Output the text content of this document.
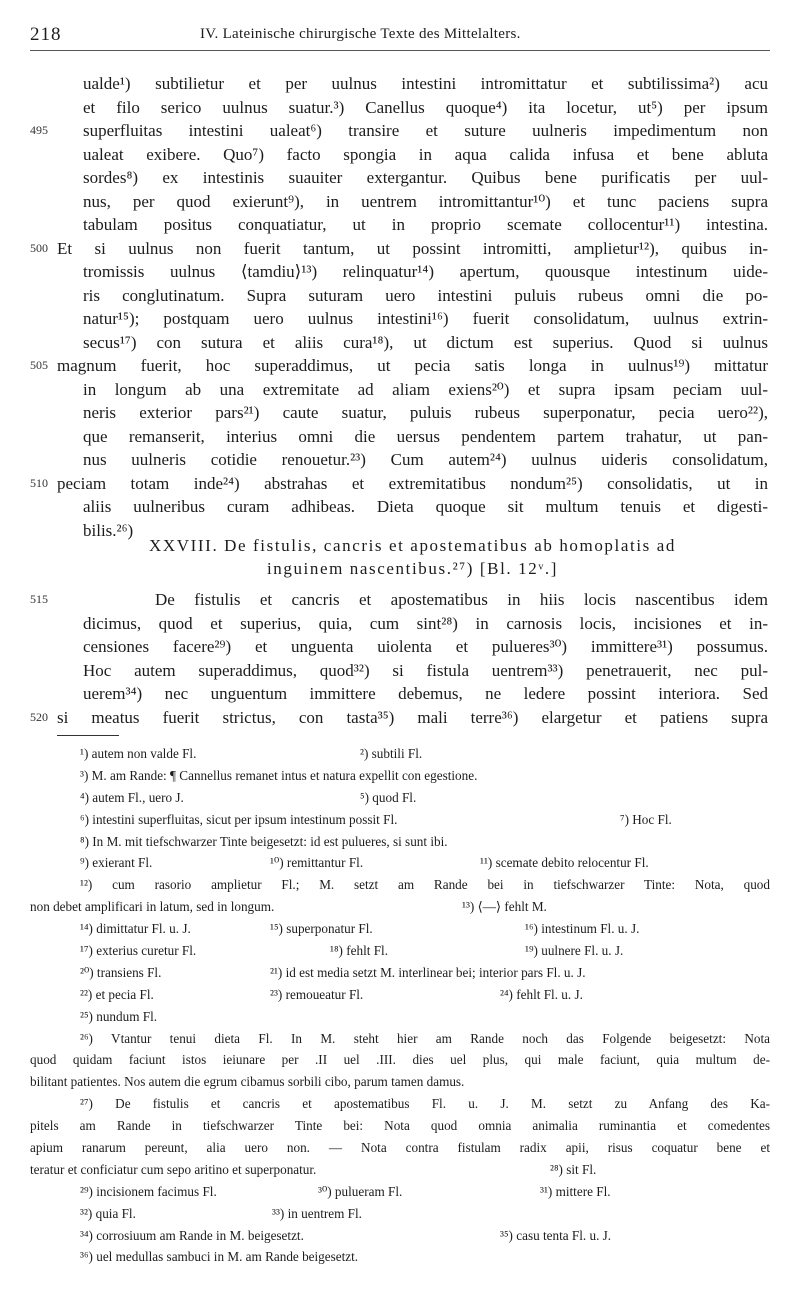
218	IV. Lateinische chirurgische Texte des Mittelalters.
ualde¹) subtilietur et per uulnus intestini intromittatur et subtilissima²) acu
et filo serico uulnus suatur.³) Canellus quoque⁴) ita locetur, ut⁵) per ipsum
495	superfluitas intestini ualeat⁶) transire et suture uulneris impedimentum non
ualeat exibere. Quo⁷) facto spongia in aqua calida infusa et bene abluta
sordes⁸) ex intestinis suauiter extergantur. Quibus bene purificatis per uul-
nus, per quod exierunt⁹), in uentrem intromittantur¹⁰) et tunc paciens supra
tabulam positus conquatiatur, ut in proprio scemate collocentur¹¹) intestina.
500 Et si uulnus non fuerit tantum, ut possint intromitti, amplietur¹²), quibus in-
tromissis uulnus ⟨tamdiu⟩¹³) relinquatur¹⁴) apertum, quousque intestinum uide-
ris conglutinatum. Supra suturam uero intestini puluis rubeus omni die po-
natur¹⁵); postquam uero uulnus intestini¹⁶) fuerit consolidatum, uulnus extrin-
secus¹⁷) con sutura et aliis cura¹⁸), ut dictum est superius. Quod si uulnus
505 magnum fuerit, hoc superaddimus, ut pecia satis longa in uulnus¹⁹) mittatur
in longum ab una extremitate ad aliam exiens²⁰) et supra ipsam peciam uul-
neris exterior pars²¹) caute suatur, puluis rubeus superponatur, pecia uero²²),
que remanserit, interius omni die uersus pendentem partem trahatur, ut pan-
nus uulneris cotidie renouetur.²³) Cum autem²⁴) uulnus uideris consolidatum,
510 peciam totam inde²⁴) abstrahas et extremitatibus nondum²⁵) consolidatis, ut in
aliis uulneribus curam adhibeas. Dieta quoque sit multum tenuis et digesti-
bilis.²⁶)
XXVIII. De fistulis, cancris et apostematibus ab homoplatis ad
inguinem nascentibus.²⁷) [Bl. 12ᵛ.]
515	De fistulis et cancris et apostematibus in hiis locis nascentibus idem
dicimus, quod et superius, quia, cum sint²⁸) in carnosis locis, incisiones et in-
censiones facere²⁹) et unguenta uiolenta et pulueres³⁰) immittere³¹) possumus.
Hoc autem superaddimus, quod³²) si fistula uentrem³³) penetrauerit, nec pul-
uerem³⁴) nec unguentum immittere debemus, ne ledere possint interiora. Sed
520 si meatus fuerit strictus, con tasta³⁵) mali terre³⁶) elargetur et patiens supra
¹) autem non valde Fl.	²) subtili Fl.
³) M. am Rande: ¶ Cannellus remanet intus et natura expellit con egestione.
⁴) autem Fl., uero J.	⁵) quod Fl.
⁶) intestini superfluitas, sicut per ipsum intestinum possit Fl.	⁷) Hoc Fl.
⁸) In M. mit tiefschwarzer Tinte beigesetzt: id est pulueres, si sunt ibi.
⁹) exierant Fl.	¹⁰) remittantur Fl.	¹¹) scemate debito relocentur Fl.
¹²) cum rasorio amplietur Fl.; M. setzt am Rande bei in tiefschwarzer Tinte: Nota, quod
non debet amplificari in latum, sed in longum.	¹³) ⟨—⟩ fehlt M.
¹⁴) dimittatur Fl. u. J.	¹⁵) superponatur Fl.	¹⁶) intestinum Fl. u. J.
¹⁷) exterius curetur Fl.	¹⁸) fehlt Fl.	¹⁹) uulnere Fl. u. J.
²⁰) transiens Fl.	²¹) id est media setzt M. interlinear bei; interior pars Fl. u. J.
²²) et pecia Fl.	²³) remoueatur Fl.	²⁴) fehlt Fl. u. J.
²⁵) nundum Fl.
²⁶) Vtantur tenui dieta Fl. In M. steht hier am Rande noch das Folgende beigesetzt: Nota
quod quidam faciunt istos ieiunare per .II uel .III. dies uel plus, qui male faciunt, quia multum de-
bilitant patientes. Nos autem die egrum cibamus sorbili cibo, parum tamen damus.
²⁷) De fistulis et cancris et apostematibus Fl. u. J. M. setzt zu Anfang des Ka-
pitels am Rande in tiefschwarzer Tinte bei: Nota quod omnia animalia ruminantia et comedentes
apium ranarum pereunt, alia uero non. — Nota contra fistulam radix apii, risus coquatur bene et
teratur et conficiatur cum sepo aritino et superponatur.	²⁸) sit Fl.
²⁹) incisionem facimus Fl.	³⁰) pulueram Fl.	³¹) mittere Fl.
³²) quia Fl.	³³) in uentrem Fl.
³⁴) corrosiuum am Rande in M. beigesetzt.	³⁵) casu tenta Fl. u. J.
³⁶) uel medullas sambuci in M. am Rande beigesetzt.
